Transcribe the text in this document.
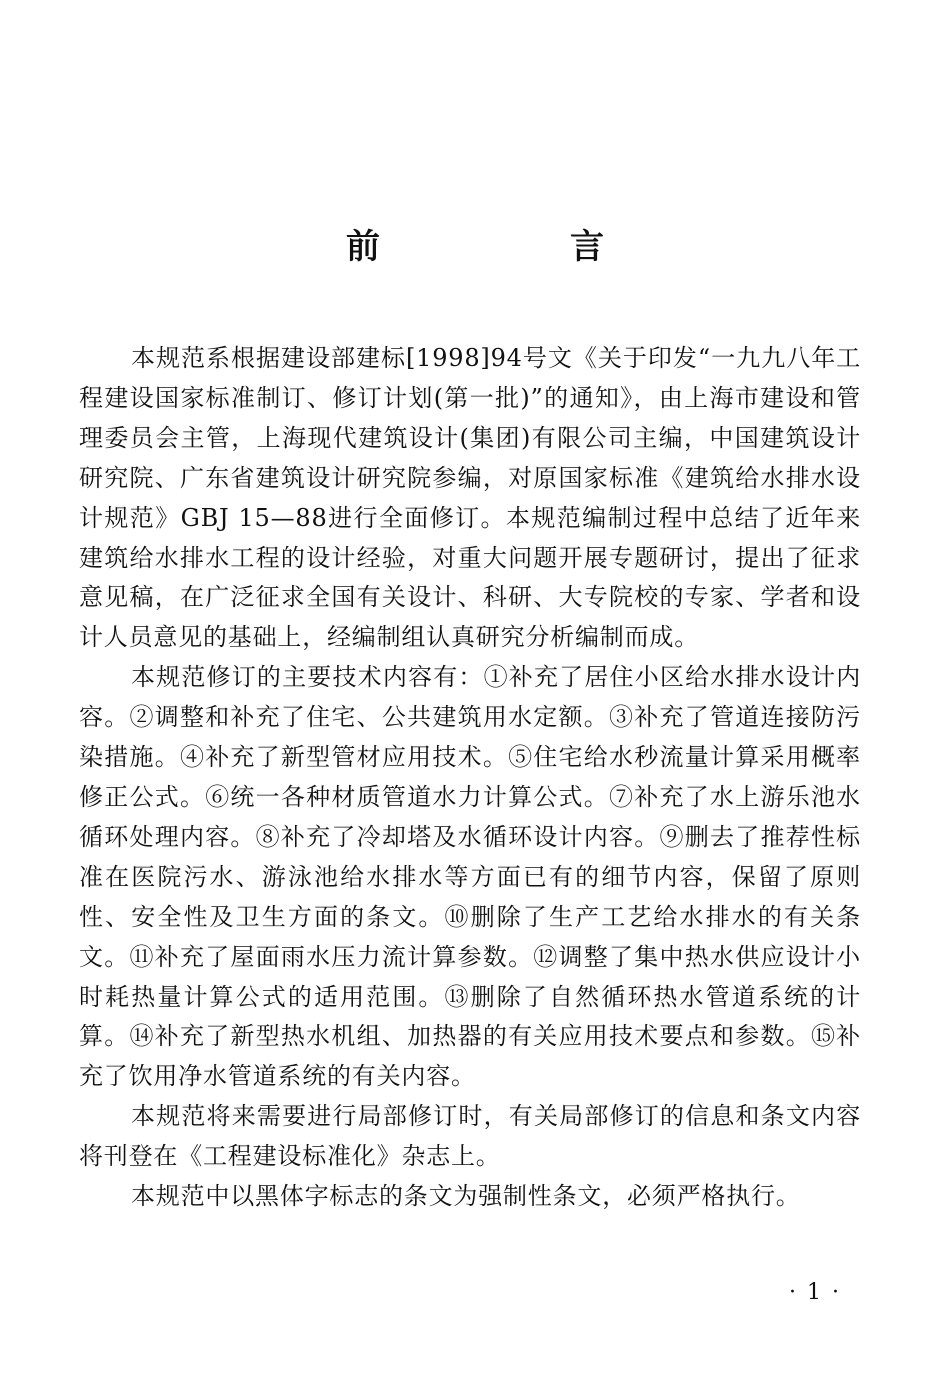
前　言

本规范系根据建设部建标[1998]94号文《关于印发“一九九八年工程建设国家标准制订、修订计划(第一批)”的通知》，由上海市建设和管理委员会主管，上海现代建筑设计(集团)有限公司主编，中国建筑设计研究院、广东省建筑设计研究院参编，对原国家标准《建筑给水排水设计规范》GBJ 15—88进行全面修订。本规范编制过程中总结了近年来建筑给水排水工程的设计经验，对重大问题开展专题研讨，提出了征求意见稿，在广泛征求全国有关设计、科研、大专院校的专家、学者和设计人员意见的基础上，经编制组认真研究分析编制而成。

本规范修订的主要技术内容有：①补充了居住小区给水排水设计内容。②调整和补充了住宅、公共建筑用水定额。③补充了管道连接防污染措施。④补充了新型管材应用技术。⑤住宅给水秒流量计算采用概率修正公式。⑥统一各种材质管道水力计算公式。⑦补充了水上游乐池水循环处理内容。⑧补充了冷却塔及水循环设计内容。⑨删去了推荐性标准在医院污水、游泳池给水排水等方面已有的细节内容，保留了原则性、安全性及卫生方面的条文。⑩删除了生产工艺给水排水的有关条文。⑪补充了屋面雨水压力流计算参数。⑫调整了集中热水供应设计小时耗热量计算公式的适用范围。⑬删除了自然循环热水管道系统的计算。⑭补充了新型热水机组、加热器的有关应用技术要点和参数。⑮补充了饮用净水管道系统的有关内容。

本规范将来需要进行局部修订时，有关局部修订的信息和条文内容将刊登在《工程建设标准化》杂志上。

本规范中以黑体字标志的条文为强制性条文，必须严格执行。

· 1 ·
